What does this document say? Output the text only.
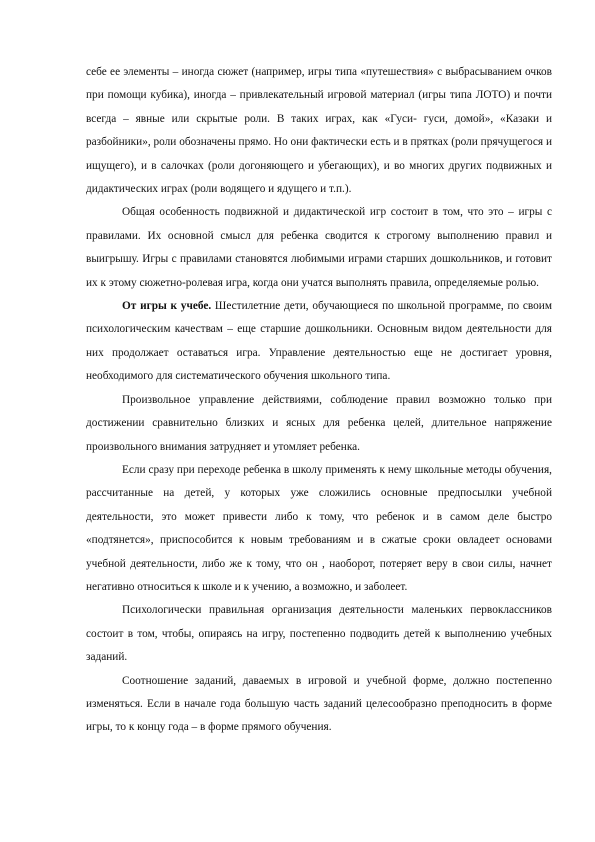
себе ее элементы – иногда сюжет (например, игры типа «путешествия» с выбрасыванием очков при помощи кубика), иногда – привлекательный игровой материал (игры типа ЛОТО) и почти всегда – явные или скрытые роли. В таких играх, как «Гуси- гуси, домой», «Казаки и разбойники», роли обозначены прямо. Но они фактически есть и в прятках (роли прячущегося и ищущего), и в салочках (роли догоняющего и убегающих), и во многих других подвижных и дидактических играх (роли водящего и ядущего и т.п.).

Общая особенность подвижной и дидактической игр состоит в том, что это – игры с правилами. Их основной смысл для ребенка сводится к строгому выполнению правил и выигрышу. Игры с правилами становятся любимыми играми старших дошкольников, и готовит их к этому сюжетно-ролевая игра, когда они учатся выполнять правила, определяемые ролью.

От игры к учебе. Шестилетние дети, обучающиеся по школьной программе, по своим психологическим качествам – еще старшие дошкольники. Основным видом деятельности для них продолжает оставаться игра. Управление деятельностью еще не достигает уровня, необходимого для систематического обучения школьного типа.

Произвольное управление действиями, соблюдение правил возможно только при достижении сравнительно близких и ясных для ребенка целей, длительное напряжение произвольного внимания затрудняет и утомляет ребенка.

Если сразу при переходе ребенка в школу применять к нему школьные методы обучения, рассчитанные на детей, у которых уже сложились основные предпосылки учебной деятельности, это может привести либо к тому, что ребенок и в самом деле быстро «подтянется», приспособится к новым требованиям и в сжатые сроки овладеет основами учебной деятельности, либо же к тому, что он , наоборот, потеряет веру в свои силы, начнет негативно относиться к школе и к учению, а возможно, и заболеет.

Психологически правильная организация деятельности маленьких первоклассников состоит в том, чтобы, опираясь на игру, постепенно подводить детей к выполнению учебных заданий.

Соотношение заданий, даваемых в игровой и учебной форме, должно постепенно изменяться. Если в начале года большую часть заданий целесообразно преподносить в форме игры, то к концу года – в форме прямого обучения.
